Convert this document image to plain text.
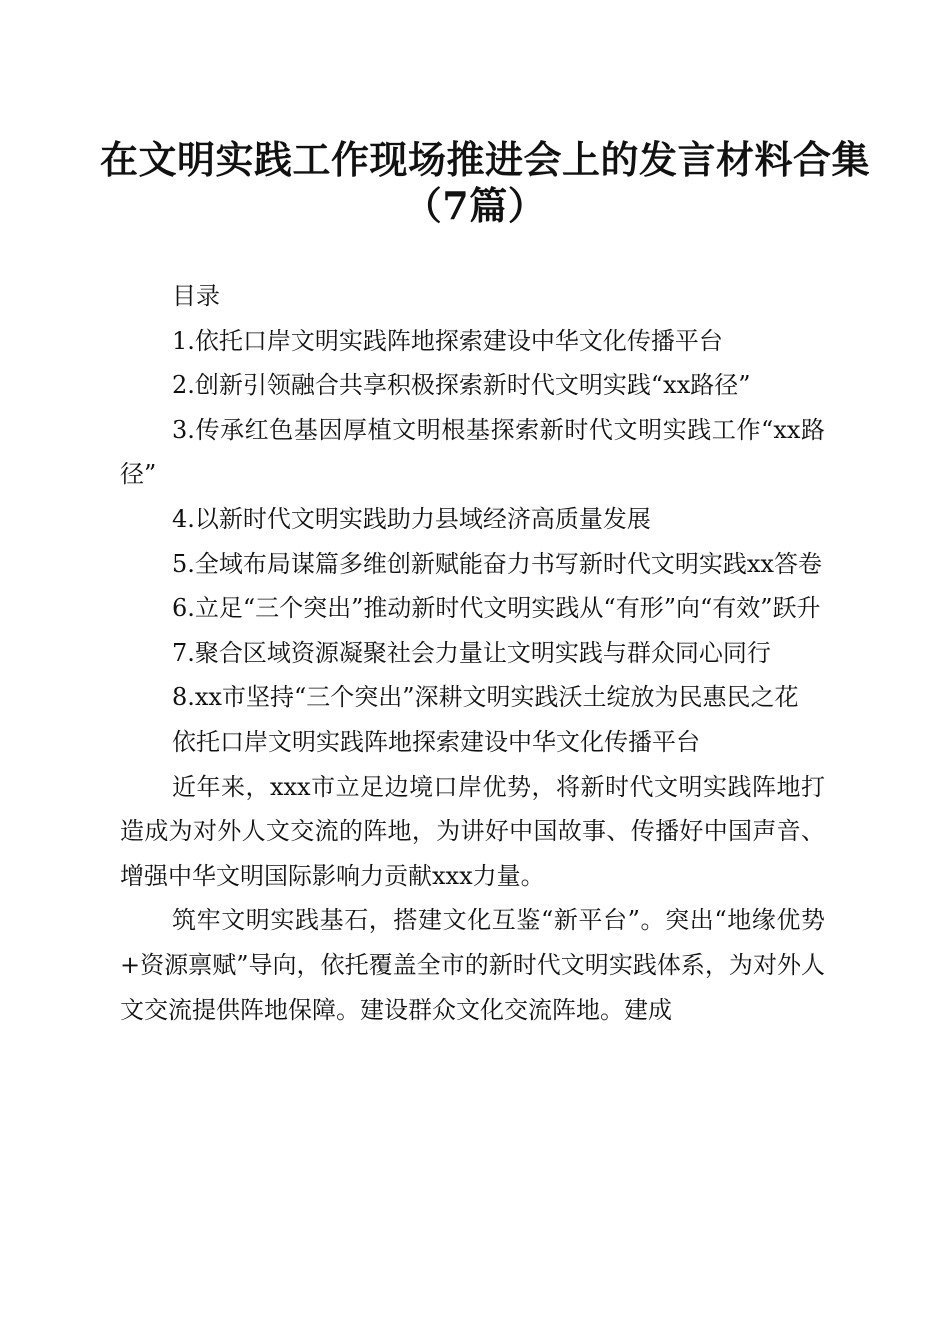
在文明实践工作现场推进会上的发言材料合集
（7篇）

目录

1.依托口岸文明实践阵地探索建设中华文化传播平台

2.创新引领融合共享积极探索新时代文明实践“xx路径”

3.传承红色基因厚植文明根基探索新时代文明实践工作“xx路径”

4.以新时代文明实践助力县域经济高质量发展

5.全域布局谋篇多维创新赋能奋力书写新时代文明实践xx答卷

6.立足“三个突出”推动新时代文明实践从“有形”向“有效”跃升

7.聚合区域资源凝聚社会力量让文明实践与群众同心同行

8.xx市坚持“三个突出”深耕文明实践沃土绽放为民惠民之花

依托口岸文明实践阵地探索建设中华文化传播平台

近年来，xxx市立足边境口岸优势，将新时代文明实践阵地打造成为对外人文交流的阵地，为讲好中国故事、传播好中国声音、增强中华文明国际影响力贡献xxx力量。

筑牢文明实践基石，搭建文化互鉴“新平台”。突出“地缘优势+资源禀赋”导向，依托覆盖全市的新时代文明实践体系，为对外人文交流提供阵地保障。建设群众文化交流阵地。建成
